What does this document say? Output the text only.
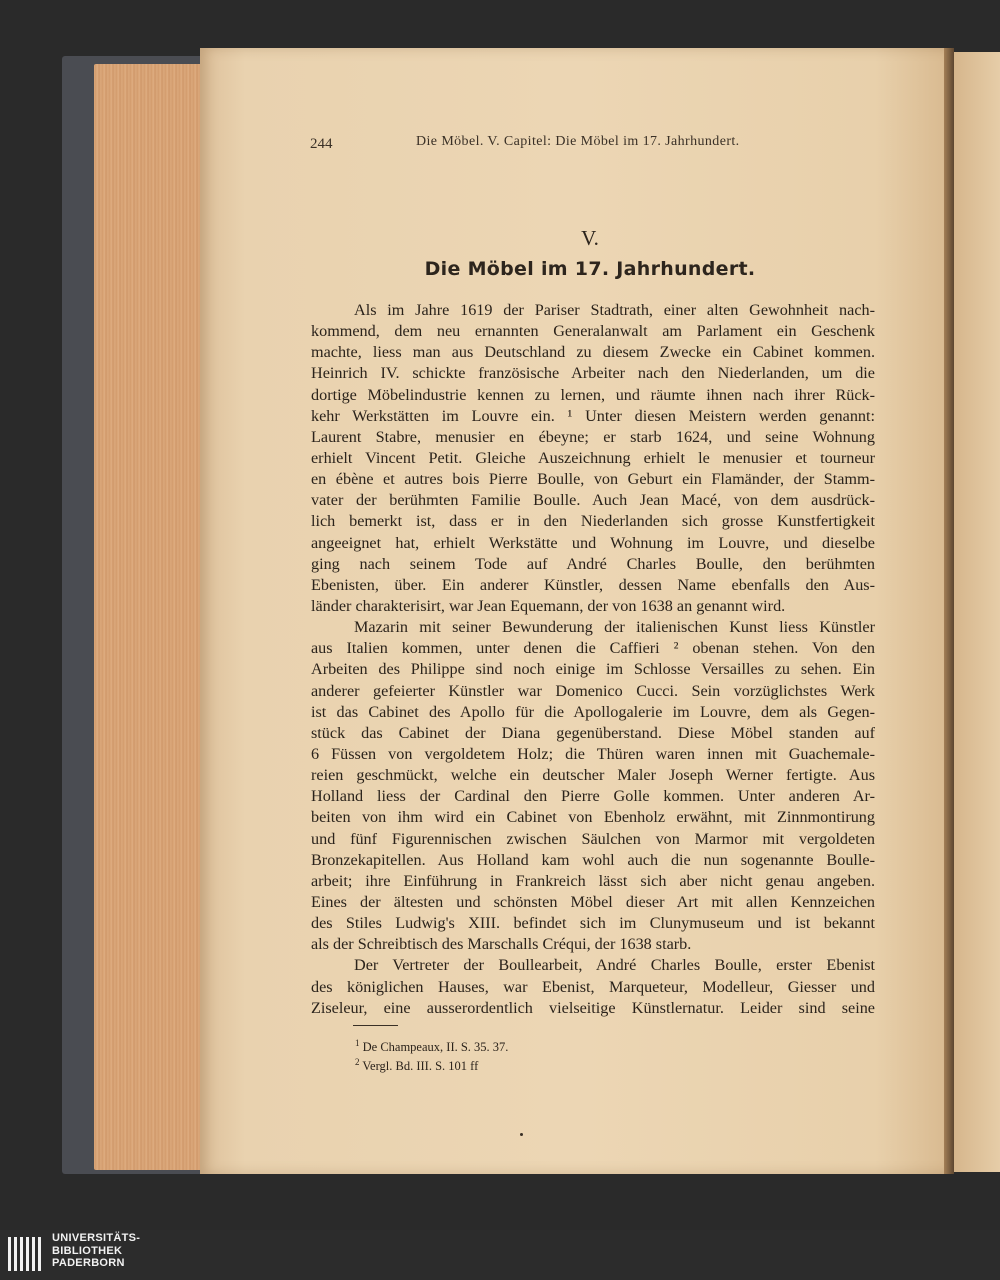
244	Die Möbel. V. Capitel: Die Möbel im 17. Jahrhundert.
V.
Die Möbel im 17. Jahrhundert.
Als im Jahre 1619 der Pariser Stadtrath, einer alten Gewohnheit nach-
kommend, dem neu ernannten Generalanwalt am Parlament ein Geschenk
machte, liess man aus Deutschland zu diesem Zwecke ein Cabinet kommen.
Heinrich IV. schickte französische Arbeiter nach den Niederlanden, um die
dortige Möbelindustrie kennen zu lernen, und räumte ihnen nach ihrer Rück-
kehr Werkstätten im Louvre ein. ¹ Unter diesen Meistern werden genannt:
Laurent Stabre, menusier en ébeyne; er starb 1624, und seine Wohnung
erhielt Vincent Petit. Gleiche Auszeichnung erhielt le menusier et tourneur
en ébène et autres bois Pierre Boulle, von Geburt ein Flamänder, der Stamm-
vater der berühmten Familie Boulle. Auch Jean Macé, von dem ausdrück-
lich bemerkt ist, dass er in den Niederlanden sich grosse Kunstfertigkeit
angeeignet hat, erhielt Werkstätte und Wohnung im Louvre, und dieselbe
ging nach seinem Tode auf André Charles Boulle, den berühmten
Ebenisten, über. Ein anderer Künstler, dessen Name ebenfalls den Aus-
länder charakterisirt, war Jean Equemann, der von 1638 an genannt wird.
Mazarin mit seiner Bewunderung der italienischen Kunst liess Künstler
aus Italien kommen, unter denen die Caffieri ² obenan stehen. Von den
Arbeiten des Philippe sind noch einige im Schlosse Versailles zu sehen. Ein
anderer gefeierter Künstler war Domenico Cucci. Sein vorzüglichstes Werk
ist das Cabinet des Apollo für die Apollogalerie im Louvre, dem als Gegen-
stück das Cabinet der Diana gegenüberstand. Diese Möbel standen auf
6 Füssen von vergoldetem Holz; die Thüren waren innen mit Guachemale-
reien geschmückt, welche ein deutscher Maler Joseph Werner fertigte. Aus
Holland liess der Cardinal den Pierre Golle kommen. Unter anderen Ar-
beiten von ihm wird ein Cabinet von Ebenholz erwähnt, mit Zinnmontirung
und fünf Figurennischen zwischen Säulchen von Marmor mit vergoldeten
Bronzekapitellen. Aus Holland kam wohl auch die nun sogenannte Boulle-
arbeit; ihre Einführung in Frankreich lässt sich aber nicht genau angeben.
Eines der ältesten und schönsten Möbel dieser Art mit allen Kennzeichen
des Stiles Ludwig's XIII. befindet sich im Clunymuseum und ist bekannt
als der Schreibtisch des Marschalls Créqui, der 1638 starb.
Der Vertreter der Boullearbeit, André Charles Boulle, erster Ebenist
des königlichen Hauses, war Ebenist, Marqueteur, Modelleur, Giesser und
Ziseleur, eine ausserordentlich vielseitige Künstlernatur. Leider sind seine
$^1$ De Champeaux, II. S. 35. 37.
$^2$ Vergl. Bd. III. S. 101 ff
UNIVERSITÄTS-
BIBLIOTHEK
PADERBORN
